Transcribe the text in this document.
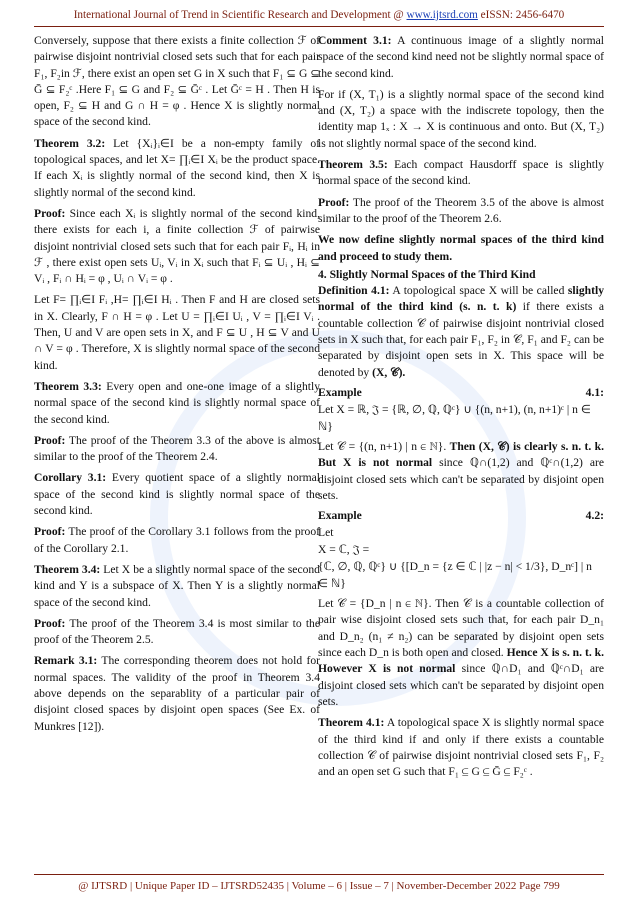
International Journal of Trend in Scientific Research and Development @ www.ijtsrd.com eISSN: 2456-6470

Conversely, suppose that there exists a finite collection ℱ of pairwise disjoint nontrivial closed sets such that for each pair F₁, F₂in ℱ, there exist an open set G in X such that F₁ ⊆ G ⊆ Ḡ ⊆ F₂ᶜ .Here F₁ ⊆ G and F₂ ⊆ Ḡᶜ . Let Ḡᶜ = H . Then H is open, F₂ ⊆ H and G ∩ H = φ . Hence X is slightly normal space of the second kind.

Theorem 3.2: Let {Xᵢ}ᵢ∈I be a non-empty family of topological spaces, and let X= ∏ᵢ∈I Xᵢ be the product space. If each Xᵢ is slightly normal of the second kind, then X is slightly normal of the second kind.

Proof: Since each Xᵢ is slightly normal of the second kind, there exists for each i, a finite collection ℱ of pairwise disjoint nontrivial closed sets such that for each pair Fᵢ, Hᵢ in ℱ , there exist open sets Uᵢ, Vᵢ in Xᵢ such that Fᵢ ⊆ Uᵢ , Hᵢ ⊆ Vᵢ , Fᵢ ∩ Hᵢ = φ , Uᵢ ∩ Vᵢ = φ .

Let F= ∏ᵢ∈I Fᵢ ,H= ∏ᵢ∈I Hᵢ . Then F and H are closed sets in X. Clearly, F ∩ H = φ . Let U = ∏ᵢ∈I Uᵢ , V = ∏ᵢ∈I Vᵢ . Then, U and V are open sets in X, and F ⊆ U , H ⊆ V and U ∩ V = φ . Therefore, X is slightly normal space of the second kind.

Theorem 3.3: Every open and one-one image of a slightly normal space of the second kind is slightly normal space of the second kind.

Proof: The proof of the Theorem 3.3 of the above is almost similar to the proof of the Theorem 2.4.

Corollary 3.1: Every quotient space of a slightly normal space of the second kind is slightly normal space of the second kind.

Proof: The proof of the Corollary 3.1 follows from the proof of the Corollary 2.1.

Theorem 3.4: Let X be a slightly normal space of the second kind and Y is a subspace of X. Then Y is a slightly normal space of the second kind.

Proof: The proof of the Theorem 3.4 is most similar to the proof of the Theorem 2.5.

Remark 3.1: The corresponding theorem does not hold for normal spaces. The validity of the proof in Theorem 3.4 above depends on the separablity of a particular pair of disjoint closed spaces by disjoint open spaces (See Ex. of Munkres [12]).

Comment 3.1: A continuous image of a slightly normal space of the second kind need not be slightly normal space of the second kind.

For if (X, T₁) is a slightly normal space of the second kind and (X, T₂) a space with the indiscrete topology, then the identity map 1ₓ : X → X is continuous and onto. But (X, T₂) is not slightly normal space of the second kind.

Theorem 3.5: Each compact Hausdorff space is slightly normal space of the second kind.

Proof: The proof of the Theorem 3.5 of the above is almost similar to the proof of the Theorem 2.6.

We now define slightly normal spaces of the third kind and proceed to study them.

4. Slightly Normal Spaces of the Third Kind

Definition 4.1: A topological space X will be called slightly normal of the third kind (s. n. t. k) if there exists a countable collection 𝒞 of pairwise disjoint nontrivial closed sets in X such that, for each pair F₁, F₂ in 𝒞, F₁ and F₂ can be separated by disjoint open sets in X. This space will be denoted by (X, 𝒞).

Example	4.1:

Let X = ℝ, 𝔍 = {ℝ, ∅, ℚ, ℚᶜ} ∪ {(n, n+1), (n, n+1)ᶜ | n ∈ ℕ}

Let 𝒞 = {(n, n+1) | n ∈ ℕ}. Then (X, 𝒞) is clearly s. n. t. k. But X is not normal since ℚ∩(1,2) and ℚᶜ∩(1,2) are disjoint closed sets which can't be separated by disjoint open sets.

Example	4.2:

Let

X = ℂ, 𝔍 =

{ℂ, ∅, ℚ, ℚᶜ} ∪ {[D_n = {z ∈ ℂ | |z − n| < 1/3}, D_nᶜ] | n ∈ ℕ}

Let 𝒞 = {D_n | n ∈ ℕ}. Then 𝒞 is a countable collection of pair wise disjoint closed sets such that, for each pair D_n₁ and D_n₂ (n₁ ≠ n₂) can be separated by disjoint open sets since each D_n is both open and closed. Hence X is s. n. t. k. However X is not normal since ℚ∩D₁ and ℚᶜ∩D₁ are disjoint closed sets which can't be separated by disjoint open sets.

Theorem 4.1: A topological space X is slightly normal space of the third kind if and only if there exists a countable collection 𝒞 of pairwise disjoint nontrivial closed sets F₁, F₂ and an open set G such that F₁ ⊆ G ⊆ Ḡ ⊆ F₂ᶜ .

@ IJTSRD | Unique Paper ID – IJTSRD52435 | Volume – 6 | Issue – 7 | November-December 2022 Page 799
